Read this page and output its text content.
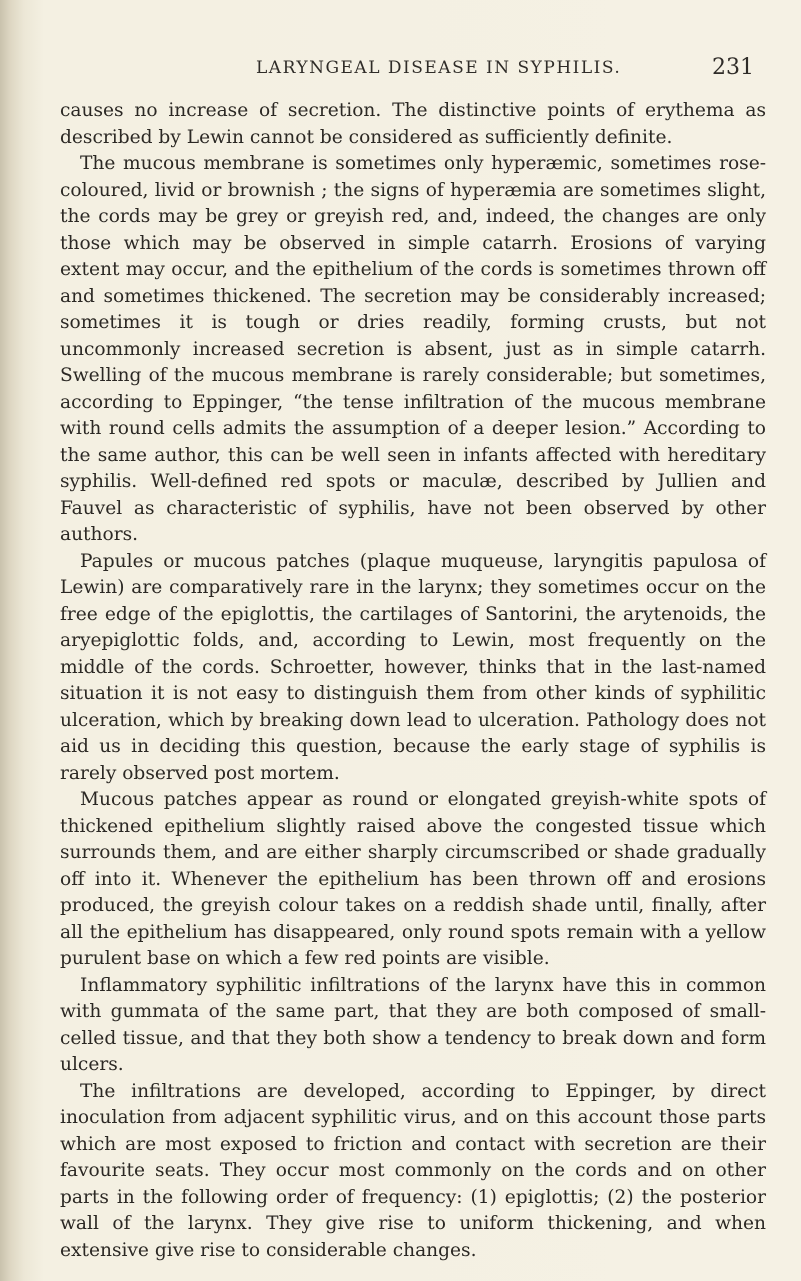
LARYNGEAL DISEASE IN SYPHILIS.	231

causes no increase of secretion. The distinctive points of erythema as described by Lewin cannot be considered as sufficiently definite.

The mucous membrane is sometimes only hyperæmic, sometimes rose-coloured, livid or brownish ; the signs of hyperæmia are sometimes slight, the cords may be grey or greyish red, and, indeed, the changes are only those which may be observed in simple catarrh. Erosions of varying extent may occur, and the epithelium of the cords is sometimes thrown off and sometimes thickened. The secretion may be considerably increased; sometimes it is tough or dries readily, forming crusts, but not uncommonly increased secretion is absent, just as in simple catarrh. Swelling of the mucous membrane is rarely considerable; but sometimes, according to Eppinger, “the tense infiltration of the mucous membrane with round cells admits the assumption of a deeper lesion.” According to the same author, this can be well seen in infants affected with hereditary syphilis. Well-defined red spots or maculæ, described by Jullien and Fauvel as characteristic of syphilis, have not been observed by other authors.

Papules or mucous patches (plaque muqueuse, laryngitis papulosa of Lewin) are comparatively rare in the larynx; they sometimes occur on the free edge of the epiglottis, the cartilages of Santorini, the arytenoids, the aryepiglottic folds, and, according to Lewin, most frequently on the middle of the cords. Schroetter, however, thinks that in the last-named situation it is not easy to distinguish them from other kinds of syphilitic ulceration, which by breaking down lead to ulceration. Pathology does not aid us in deciding this question, because the early stage of syphilis is rarely observed post mortem.

Mucous patches appear as round or elongated greyish-white spots of thickened epithelium slightly raised above the congested tissue which surrounds them, and are either sharply circumscribed or shade gradually off into it. Whenever the epithelium has been thrown off and erosions produced, the greyish colour takes on a reddish shade until, finally, after all the epithelium has disappeared, only round spots remain with a yellow purulent base on which a few red points are visible.

Inflammatory syphilitic infiltrations of the larynx have this in common with gummata of the same part, that they are both composed of small-celled tissue, and that they both show a tendency to break down and form ulcers.

The infiltrations are developed, according to Eppinger, by direct inoculation from adjacent syphilitic virus, and on this account those parts which are most exposed to friction and contact with secretion are their favourite seats. They occur most commonly on the cords and on other parts in the following order of frequency: (1) epiglottis; (2) the posterior wall of the larynx. They give rise to uniform thickening, and when extensive give rise to considerable changes.
